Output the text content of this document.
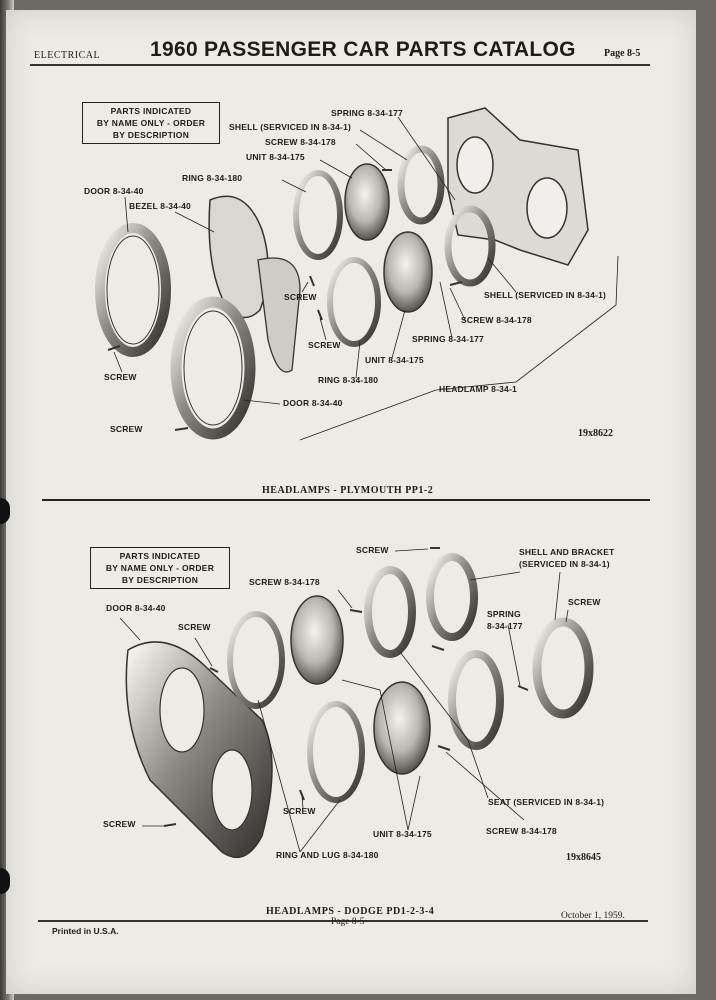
ELECTRICAL 1960 PASSENGER CAR PARTS CATALOG	Page 8-5
PARTS INDICATED
BY NAME ONLY - ORDER
BY DESCRIPTION
SPRING 8-34-177
SHELL (SERVICED IN 8-34-1)
SCREW 8-34-178
UNIT 8-34-175
RING 8-34-180
DOOR 8-34-40
BEZEL 8-34-40
SCREW
SCREW
SCREW
SHELL (SERVICED IN 8-34-1)
SCREW 8-34-178
SPRING 8-34-177
UNIT 8-34-175
RING 8-34-180
HEADLAMP 8-34-1
DOOR 8-34-40
SCREW	19x8622
HEADLAMPS - PLYMOUTH PP1-2
PARTS INDICATED
BY NAME ONLY - ORDER
BY DESCRIPTION
SCREW	SHELL AND BRACKET
(SERVICED IN 8-34-1)
SCREW 8-34-178
SCREW
DOOR 8-34-40
SPRING
8-34-177
SCREW
SEAT (SERVICED IN 8-34-1)
SCREW
SCREW
SCREW 8-34-178
UNIT 8-34-175
RING AND LUG 8-34-180	19x8645
HEADLAMPS - DODGE PD1-2-3-4
Printed in U.S.A.
Page 8-5
October 1, 1959.
